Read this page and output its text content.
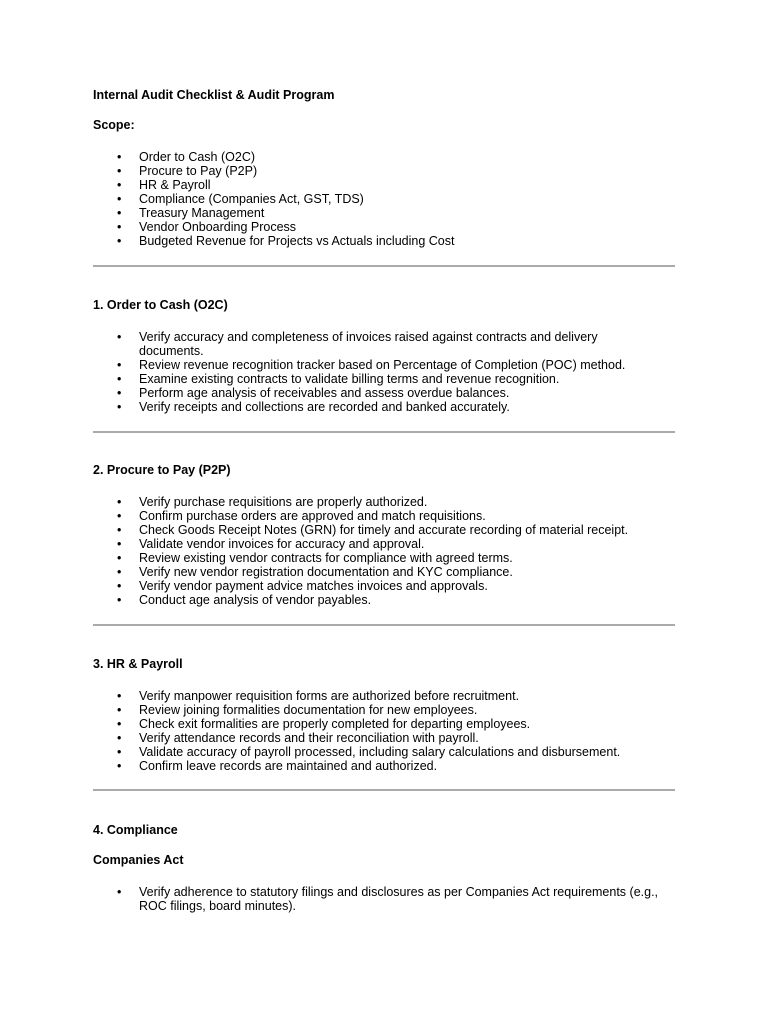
Internal Audit Checklist & Audit Program
Scope:
• Order to Cash (O2C)
• Procure to Pay (P2P)
• HR & Payroll
• Compliance (Companies Act, GST, TDS)
• Treasury Management
• Vendor Onboarding Process
• Budgeted Revenue for Projects vs Actuals including Cost
1. Order to Cash (O2C)
• Verify accuracy and completeness of invoices raised against contracts and delivery documents.
• Review revenue recognition tracker based on Percentage of Completion (POC) method.
• Examine existing contracts to validate billing terms and revenue recognition.
• Perform age analysis of receivables and assess overdue balances.
• Verify receipts and collections are recorded and banked accurately.
2. Procure to Pay (P2P)
• Verify purchase requisitions are properly authorized.
• Confirm purchase orders are approved and match requisitions.
• Check Goods Receipt Notes (GRN) for timely and accurate recording of material receipt.
• Validate vendor invoices for accuracy and approval.
• Review existing vendor contracts for compliance with agreed terms.
• Verify new vendor registration documentation and KYC compliance.
• Verify vendor payment advice matches invoices and approvals.
• Conduct age analysis of vendor payables.
3. HR & Payroll
• Verify manpower requisition forms are authorized before recruitment.
• Review joining formalities documentation for new employees.
• Check exit formalities are properly completed for departing employees.
• Verify attendance records and their reconciliation with payroll.
• Validate accuracy of payroll processed, including salary calculations and disbursement.
• Confirm leave records are maintained and authorized.
4. Compliance
Companies Act
• Verify adherence to statutory filings and disclosures as per Companies Act requirements (e.g., ROC filings, board minutes).
